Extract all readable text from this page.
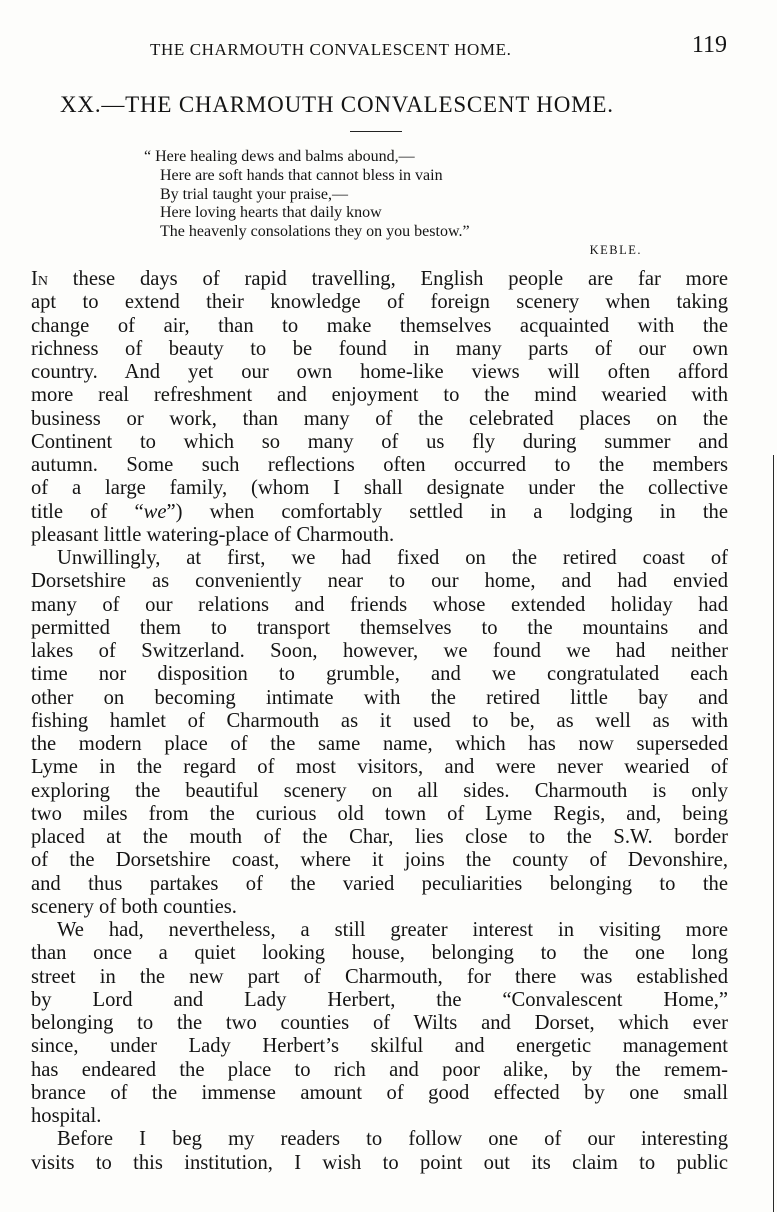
THE CHARMOUTH CONVALESCENT HOME.	119
XX.—THE CHARMOUTH CONVALESCENT HOME.
“ Here healing dews and balms abound,—
Here are soft hands that cannot bless in vain
By trial taught your praise,—
Here loving hearts that daily know
The heavenly consolations they on you bestow.”
KEBLE.
In these days of rapid travelling, English people are far more
apt to extend their knowledge of foreign scenery when taking
change of air, than to make themselves acquainted with the
richness of beauty to be found in many parts of our own
country. And yet our own home-like views will often afford
more real refreshment and enjoyment to the mind wearied with
business or work, than many of the celebrated places on the
Continent to which so many of us fly during summer and
autumn. Some such reflections often occurred to the members
of a large family, (whom I shall designate under the collective
title of “we”) when comfortably settled in a lodging in the
pleasant little watering-place of Charmouth.
Unwillingly, at first, we had fixed on the retired coast of
Dorsetshire as conveniently near to our home, and had envied
many of our relations and friends whose extended holiday had
permitted them to transport themselves to the mountains and
lakes of Switzerland. Soon, however, we found we had neither
time nor disposition to grumble, and we congratulated each
other on becoming intimate with the retired little bay and
fishing hamlet of Charmouth as it used to be, as well as with
the modern place of the same name, which has now superseded
Lyme in the regard of most visitors, and were never wearied of
exploring the beautiful scenery on all sides. Charmouth is only
two miles from the curious old town of Lyme Regis, and, being
placed at the mouth of the Char, lies close to the S.W. border
of the Dorsetshire coast, where it joins the county of Devonshire,
and thus partakes of the varied peculiarities belonging to the
scenery of both counties.
We had, nevertheless, a still greater interest in visiting more
than once a quiet looking house, belonging to the one long
street in the new part of Charmouth, for there was established
by Lord and Lady Herbert, the “Convalescent Home,”
belonging to the two counties of Wilts and Dorset, which ever
since, under Lady Herbert’s skilful and energetic management
has endeared the place to rich and poor alike, by the remem-
brance of the immense amount of good effected by one small
hospital.
Before I beg my readers to follow one of our interesting
visits to this institution, I wish to point out its claim to public
